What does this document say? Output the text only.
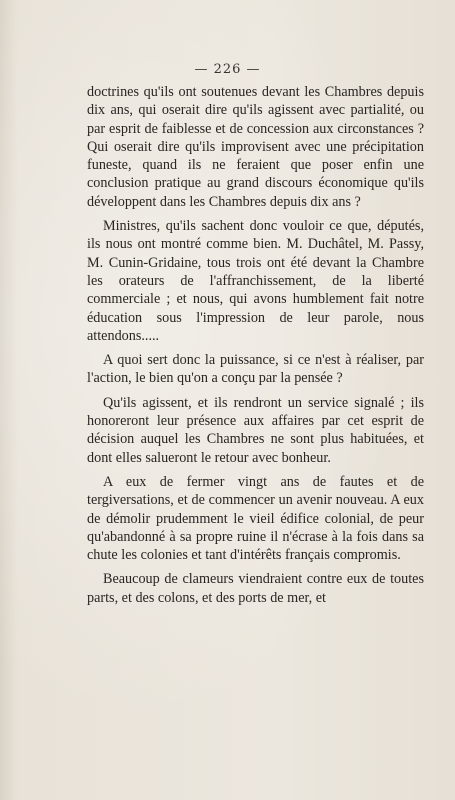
— 226 —

doctrines qu'ils ont soutenues devant les Chambres depuis dix ans, qui oserait dire qu'ils agissent avec partialité, ou par esprit de faiblesse et de concession aux circonstances ? Qui oserait dire qu'ils improvisent avec une précipitation funeste, quand ils ne feraient que poser enfin une conclusion pratique au grand discours économique qu'ils développent dans les Chambres depuis dix ans ?

Ministres, qu'ils sachent donc vouloir ce que, députés, ils nous ont montré comme bien. M. Duchâtel, M. Passy, M. Cunin-Gridaine, tous trois ont été devant la Chambre les orateurs de l'affranchissement, de la liberté commerciale ; et nous, qui avons humblement fait notre éducation sous l'impression de leur parole, nous attendons.....

A quoi sert donc la puissance, si ce n'est à réaliser, par l'action, le bien qu'on a conçu par la pensée ?

Qu'ils agissent, et ils rendront un service signalé ; ils honoreront leur présence aux affaires par cet esprit de décision auquel les Chambres ne sont plus habituées, et dont elles salueront le retour avec bonheur.

A eux de fermer vingt ans de fautes et de tergiversations, et de commencer un avenir nouveau. A eux de démolir prudemment le vieil édifice colonial, de peur qu'abandonné à sa propre ruine il n'écrase à la fois dans sa chute les colonies et tant d'intérêts français compromis.

Beaucoup de clameurs viendraient contre eux de toutes parts, et des colons, et des ports de mer, et
